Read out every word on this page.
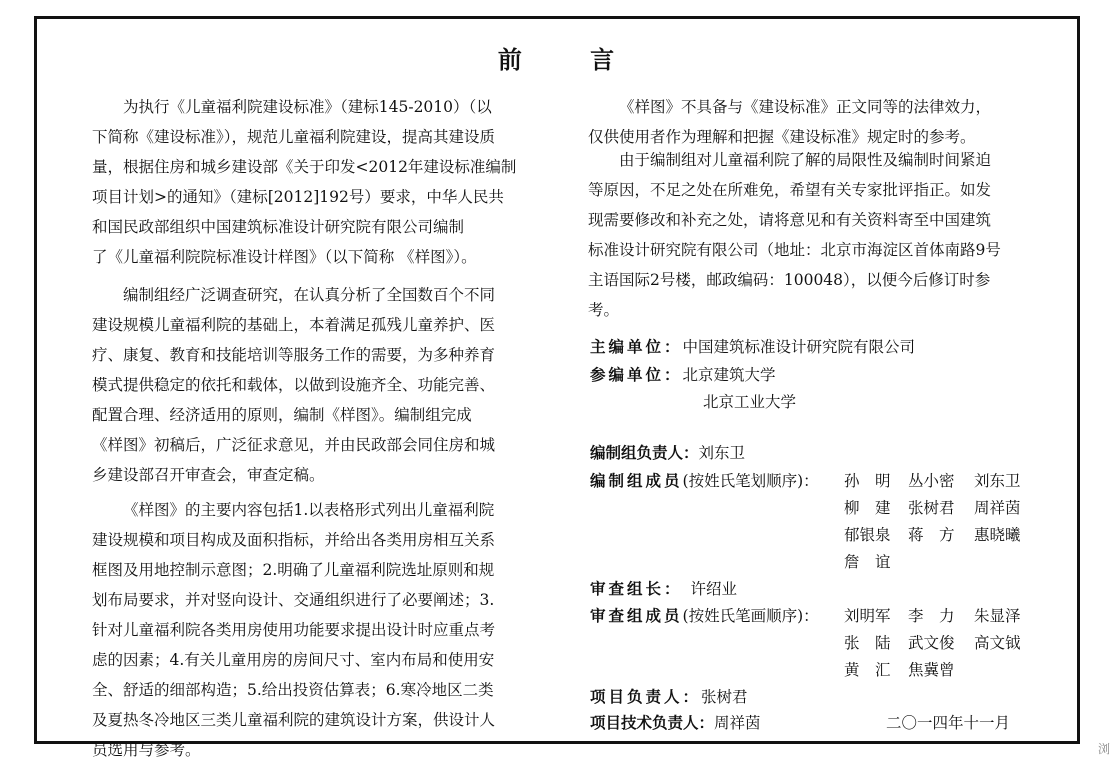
前	言
为执行《儿童福利院建设标准》（建标145-2010）（以
下简称《建设标准》），规范儿童福利院建设，提高其建设质
量，根据住房和城乡建设部《关于印发<2012年建设标准编制
项目计划>的通知》（建标[2012]192号）要求，中华人民共
和国民政部组织中国建筑标准设计研究院有限公司编制
了《儿童福利院院标准设计样图》（以下简称 《样图》）。
编制组经广泛调查研究，在认真分析了全国数百个不同
建设规模儿童福利院的基础上，本着满足孤残儿童养护、医
疗、康复、教育和技能培训等服务工作的需要，为多种养育
模式提供稳定的依托和载体，以做到设施齐全、功能完善、
配置合理、经济适用的原则，编制《样图》。编制组完成
《样图》初稿后，广泛征求意见，并由民政部会同住房和城
乡建设部召开审查会，审查定稿。
《样图》的主要内容包括1.以表格形式列出儿童福利院
建设规模和项目构成及面积指标，并给出各类用房相互关系
框图及用地控制示意图；2.明确了儿童福利院选址原则和规
划布局要求，并对竖向设计、交通组织进行了必要阐述；3.
针对儿童福利院各类用房使用功能要求提出设计时应重点考
虑的因素；4.有关儿童用房的房间尺寸、室内布局和使用安
全、舒适的细部构造；5.给出投资估算表；6.寒冷地区二类
及夏热冬冷地区三类儿童福利院的建筑设计方案，供设计人
员选用与参考。
《样图》不具备与《建设标准》正文同等的法律效力，
仅供使用者作为理解和把握《建设标准》规定时的参考。
由于编制组对儿童福利院了解的局限性及编制时间紧迫
等原因，不足之处在所难免，希望有关专家批评指正。如发
现需要修改和补充之处，请将意见和有关资料寄至中国建筑
标准设计研究院有限公司（地址：北京市海淀区首体南路9号
主语国际2号楼，邮政编码：100048），以便今后修订时参
考。
主编单位：中国建筑标准设计研究院有限公司
参编单位：北京建筑大学
北京工业大学
编制组负责人：刘东卫
编制组成员(按姓氏笔划顺序)： 孙　明 丛小密 刘东卫
柳　建 张树君 周祥茵
郁银泉 蒋　方 惠晓曦
詹　谊
审查组长： 许绍业
审查组成员(按姓氏笔画顺序)： 刘明军 李　力 朱显泽
张　陆 武文俊 高文钺
黄　汇 焦冀曾
项目负责人：张树君
项目技术负责人：周祥茵	二〇一四年十一月
浏
